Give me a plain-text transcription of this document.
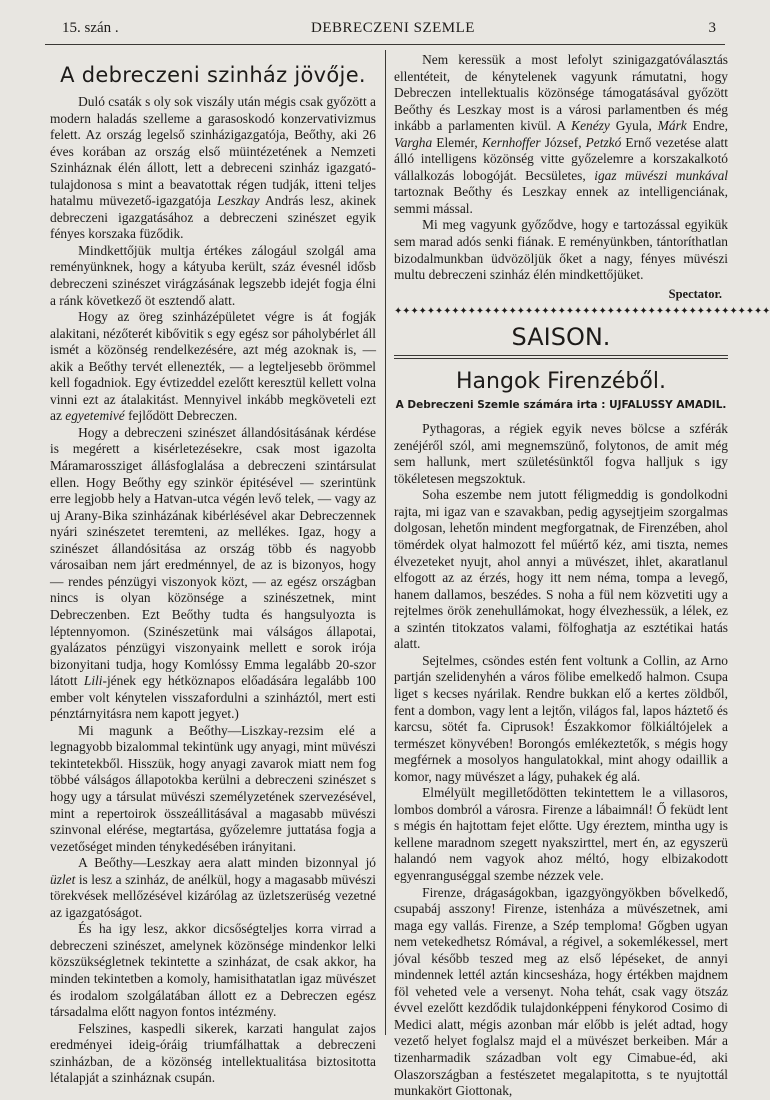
15. szán .	DEBRECZENI SZEMLE	3
A debreczeni szinház jövője.

Duló csaták s oly sok viszály után mégis csak győzött a modern haladás szelleme a garasoskodó konzervativizmus felett. Az ország legelső szinházigazgatója, Beőthy, aki 26 éves korában az ország első müintézetének a Nemzeti Szinháznak élén állott, lett a debreceni szinház igazgató-tulajdonosa s mint a beavatottak régen tudják, itteni teljes hatalmu müvezető-igazgatója Leszkay András lesz, akinek debreczeni igazgatásához a debreczeni szinészet egyik fényes korszaka füződik.

Mindkettőjük multja értékes zálogául szolgál ama reményünknek, hogy a kátyuba került, száz évesnél idősb debreczeni szinészet virágzásának legszebb idejét fogja élni a ránk következő öt esztendő alatt.

Hogy az öreg szinházépületet végre is át fogják alakitani, nézőterét kibővitik s egy egész sor páholybérlet áll ismét a közönség rendelkezésére, azt még azoknak is, — akik a Beőthy tervét ellenezték, — a legteljesebb örömmel kell fogadniok. Egy évtizeddel ezelőtt keresztül kellett volna vinni ezt az átalakitást. Mennyivel inkább megköveteli ezt az egyetemivé fejlődött Debreczen.

Hogy a debreczeni szinészet állandósitásának kérdése is megérett a kisérletezésekre, csak most igazolta Máramarossziget állásfoglalása a debreczeni szintársulat ellen. Hogy Beőthy egy szinkör épitésével — szerintünk erre legjobb hely a Hatvan-utca végén levő telek, — vagy az uj Arany-Bika szinházának kibérlésével akar Debreczennek nyári szinészetet teremteni, az mellékes. Igaz, hogy a szinészet állandósitása az ország több és nagyobb városaiban nem járt eredménnyel, de az is bizonyos, hogy — rendes pénzügyi viszonyok közt, — az egész országban nincs is olyan közönsége a szinészetnek, mint Debreczenben. Ezt Beőthy tudta és hangsulyozta is léptennyomon. (Szinészetünk mai válságos állapotai, gyalázatos pénzügyi viszonyaink mellett e sorok irója bizonyitani tudja, hogy Komlóssy Emma legalább 20-szor látott Lili-jének egy hétköznapos előadására legalább 100 ember volt kénytelen visszafordulni a szinháztól, mert esti pénztárnyitásra nem kapott jegyet.)

Mi magunk a Beőthy—Liszkay-rezsim elé a legnagyobb bizalommal tekintünk ugy anyagi, mint müvészi tekintetekből. Hisszük, hogy anyagi zavarok miatt nem fog többé válságos állapotokba kerülni a debreczeni szinészet s hogy ugy a társulat müvészi személyzetének szervezésével, mint a repertoirok összeállitásával a magasabb müvészi szinvonal elérése, megtartása, győzelemre juttatása fogja a vezetőséget minden ténykedésében irányitani.

A Beőthy—Leszkay aera alatt minden bizonnyal jó üzlet is lesz a szinház, de anélkül, hogy a magasabb müvészi törekvések mellőzésével kizárólag az üzletszerüség vezetné az igazgatóságot.

És ha igy lesz, akkor dicsőségteljes korra virrad a debreczeni szinészet, amelynek közönsége mindenkor lelki közszükségletnek tekintette a szinházat, de csak akkor, ha minden tekintetben a komoly, hamisithatatlan igaz müvészet és irodalom szolgálatában állott ez a Debreczen egész társadalma előtt nagyon fontos intézmény.

Felszines, kaspedli sikerek, karzati hangulat zajos eredményei ideig-óráig triumfálhattak a debreczeni szinházban, de a közönség intellektualitása biztositotta létalapját a szinháznak csupán.

Nem keressük a most lefolyt szinigazgatóválasztás ellentéteit, de kénytelenek vagyunk rámutatni, hogy Debreczen intellektualis közönsége támogatásával győzött Beőthy és Leszkay most is a városi parlamentben és még inkább a parlamenten kivül. A Kenézy Gyula, Márk Endre, Vargha Elemér, Kernhoffer József, Petzkó Ernő vezetése alatt álló intelligens közönség vitte győzelemre a korszakalkotó vállalkozás lobogóját. Becsületes, igaz müvészi munkával tartoznak Beőthy és Leszkay ennek az intelligenciának, semmi mással.

Mi meg vagyunk győződve, hogy e tartozással egyikük sem marad adós senki fiának. E reményünkben, tántoríthatlan bizodalmunkban üdvözöljük őket a nagy, fényes müvészi multu debreczeni szinház élén mindkettőjüket.

Spectator.
✦✦✦✦✦✦✦✦✦✦✦✦✦✦✦✦✦✦✦✦✦✦✦✦✦✦✦✦✦✦✦✦✦✦✦✦✦✦✦✦✦✦✦✦✦✦
SAISON.
Hangok Firenzéből.
A Debreczeni Szemle számára irta : UJFALUSSY AMADIL.

Pythagoras, a régiek egyik neves bölcse a szférák zenéjéről szól, ami megnemszünő, folytonos, de amit még sem hallunk, mert születésünktől fogva halljuk s igy tökéletesen megszoktuk.

Soha eszembe nem jutott féligmeddig is gondolkodni rajta, mi igaz van e szavakban, pedig agysejtjeim szorgalmas dolgosan, lehetőn mindent megforgatnak, de Firenzében, ahol tömérdek olyat halmozott fel műértő kéz, ami tiszta, nemes élvezeteket nyujt, ahol annyi a müvészet, ihlet, akaratlanul elfogott az az érzés, hogy itt nem néma, tompa a levegő, hanem dallamos, beszédes. S noha a fül nem közvetiti ugy a rejtelmes örök zenehullámokat, hogy élvezhessük, a lélek, ez a szintén titokzatos valami, fölfoghatja az esztétikai hatás alatt.

Sejtelmes, csöndes estén fent voltunk a Collin, az Arno partján szelidenyhén a város fölibe emelkedő halmon. Csupa liget s kecses nyárilak. Rendre bukkan elő a kertes zöldből, fent a dombon, vagy lent a lejtőn, világos fal, lapos háztető és karcsu, sötét fa. Ciprusok! Északkomor fölkiáltójelek a természet könyvében! Borongós emlékeztetők, s mégis hogy megférnek a mosolyos hangulatokkal, mint ahogy odaillik a komor, nagy müvészet a lágy, puhakek ég alá.

Elmélyült megilletődötten tekintettem le a villasoros, lombos dombról a városra. Firenze a lábaimnál! Ő feküdt lent s mégis én hajtottam fejet előtte. Ugy éreztem, mintha ugy is kellene maradnom szegett nyakszirttel, mert én, az egyszerü halandó nem vagyok ahoz méltó, hogy elbizakodott egyenranguséggal szembe nézzek vele.

Firenze, drágaságokban, igazgyöngyökben bővelkedő, csupabáj asszony! Firenze, istenháza a müvészetnek, ami maga egy vallás. Firenze, a Szép temploma! Gőgben ugyan nem vetekedhetsz Rómával, a régivel, a sokemlékessel, mert jóval később teszed meg az első lépéseket, de annyi mindennek lettél aztán kincsesháza, hogy értékben majdnem föl veheted vele a versenyt. Noha tehát, csak vagy ötszáz évvel ezelőtt kezdődik tulajdonképpeni fénykorod Cosimo di Medici alatt, mégis azonban már előbb is jelét adtad, hogy vezető helyet foglalsz majd el a müvészet berkeiben. Már a tizenharmadik században volt egy Cimabue-éd, aki Olaszországban a festészetet megalapitotta, s te nyujtottál munkakört Giottonak,
